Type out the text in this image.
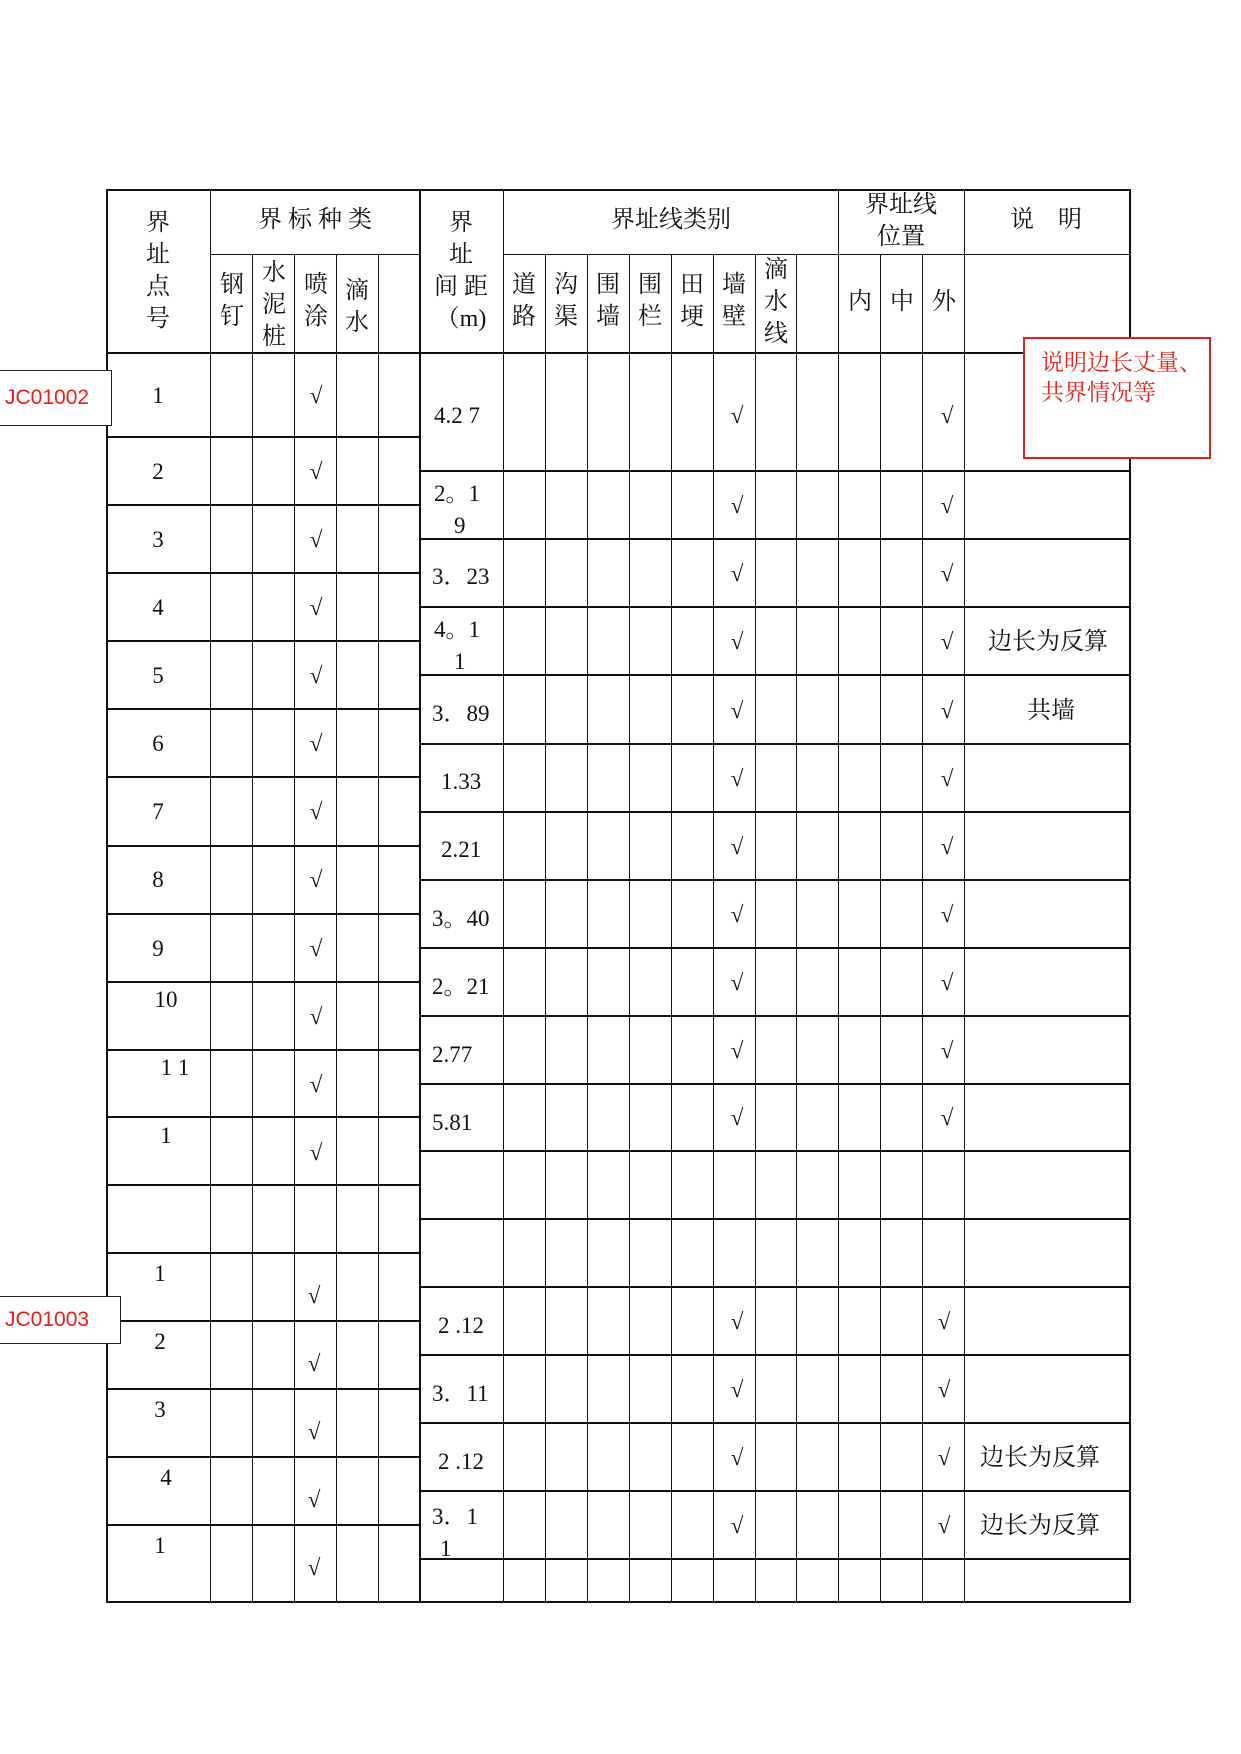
界
址
点
号
界 标 种 类
钢
钉
水
泥
桩
喷
涂
滴
水
界
址
间 距
（m)
界址线类别
道
路
沟
渠
围
墙
围
栏
田
埂
墙
壁
滴
水
线
界址线
位置
内 中 外
说    明
1
2
3
4
5
6
7
8
9
10
1 1
1
1
2
3
4
1
√
√
√
√
√
√
√
√
√
√
√
√
√
√
√
√
√
4.2 7
2。1
9
3．23
4。1
1
3．89
1.33
2.21
3。40
2。21
2.77
5.81
2 .12
3．11
2 .12
3．1
1
√
√
√
√
√
√
√
√
√
√
√
√
√
√
√
√
√
√
√
√
√
√
√
√
√
√
√
√
√
√
边长为反算
共墙
边长为反算
边长为反算
JC01002
JC01003
说明边长丈量、
共界情况等
